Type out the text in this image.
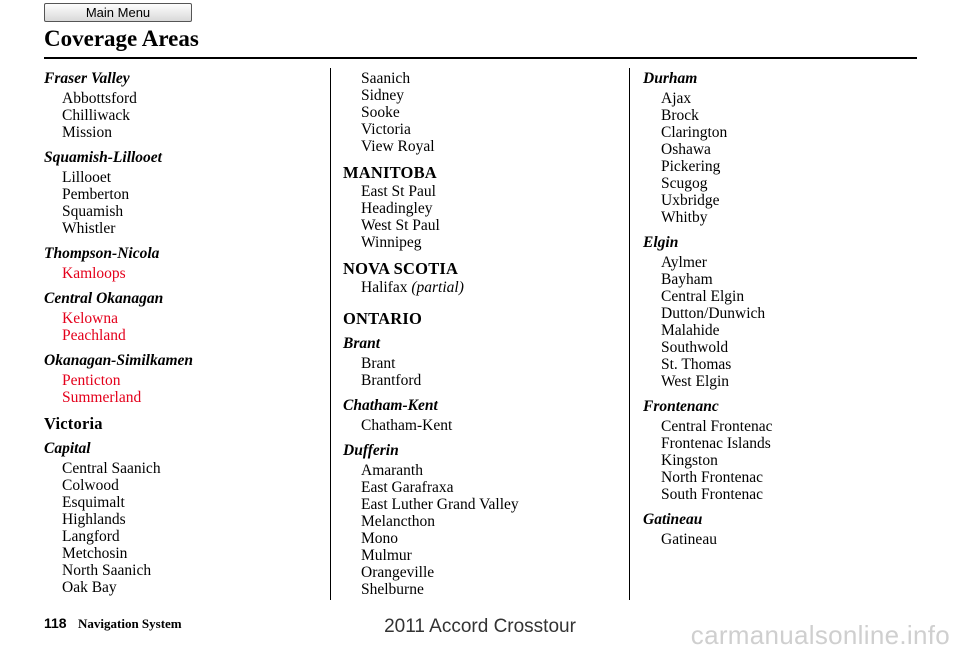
Main Menu
Coverage Areas
Fraser Valley
Abbottsford
Chilliwack
Mission
Squamish-Lillooet
Lillooet
Pemberton
Squamish
Whistler
Thompson-Nicola
Kamloops
Central Okanagan
Kelowna
Peachland
Okanagan-Similkamen
Penticton
Summerland
Victoria
Capital
Central Saanich
Colwood
Esquimalt
Highlands
Langford
Metchosin
North Saanich
Oak Bay
Saanich
Sidney
Sooke
Victoria
View Royal
MANITOBA
East St Paul
Headingley
West St Paul
Winnipeg
NOVA SCOTIA
Halifax (partial)
ONTARIO
Brant
Brant
Brantford
Chatham-Kent
Chatham-Kent
Dufferin
Amaranth
East Garafraxa
East Luther Grand Valley
Melancthon
Mono
Mulmur
Orangeville
Shelburne
Durham
Ajax
Brock
Clarington
Oshawa
Pickering
Scugog
Uxbridge
Whitby
Elgin
Aylmer
Bayham
Central Elgin
Dutton/Dunwich
Malahide
Southwold
St. Thomas
West Elgin
Frontenanc
Central Frontenac
Frontenac Islands
Kingston
North Frontenac
South Frontenac
Gatineau
Gatineau
118 Navigation System	2011 Accord Crosstour	carmanualsonline.info
